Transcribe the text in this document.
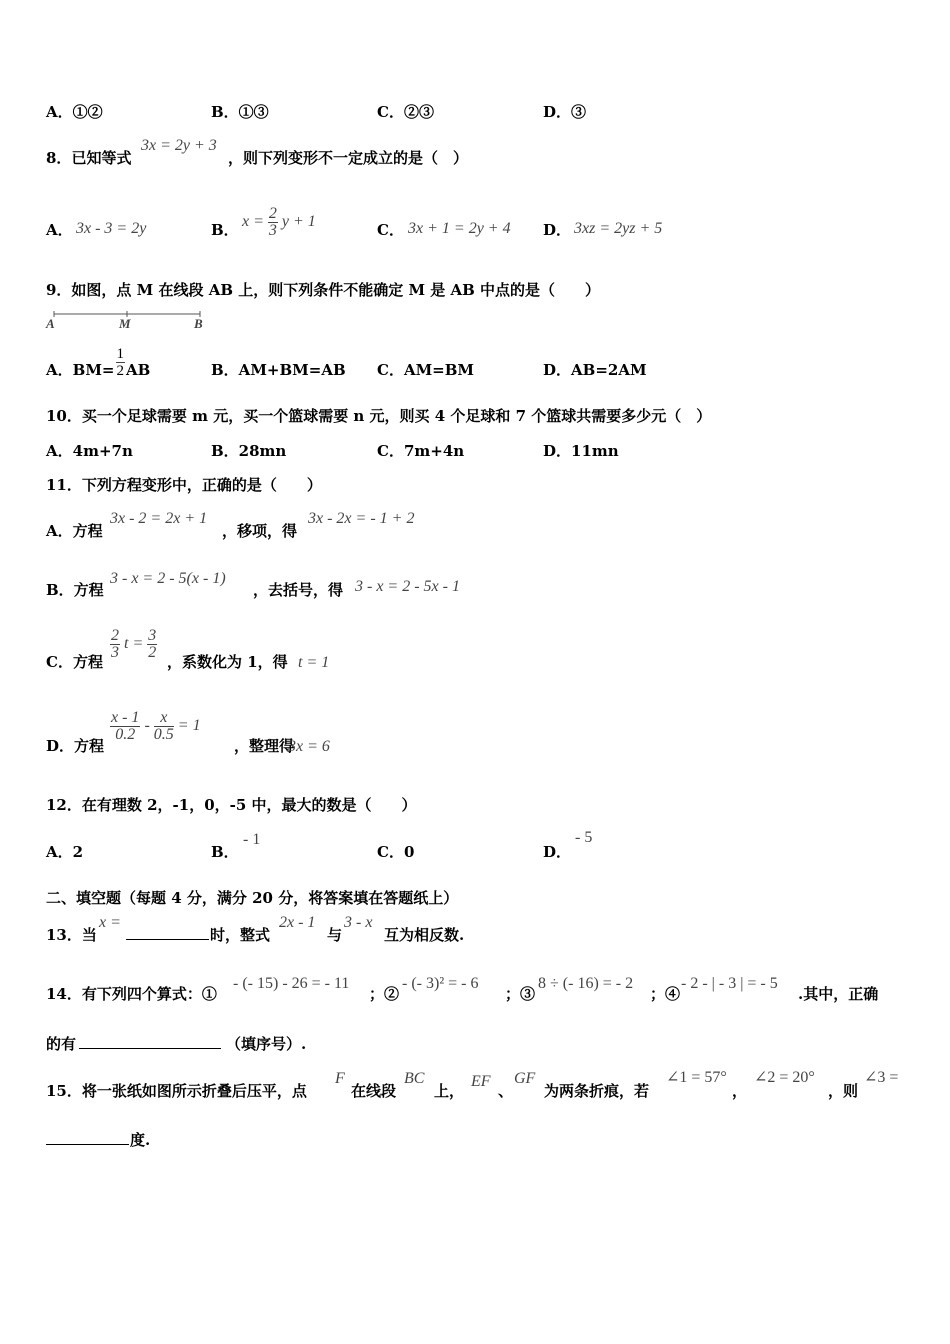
A．①②	B．①③	C．②③	D．③
8．已知等式
3x = 2y + 3
，则下列变形不一定成立的是（　）
A． 3x - 3 = 2y	B． $x = \frac{2}{3}$ y + 1	C． 3x + 1 = 2y + 4 D． 3xz = 2yz + 5
9．如图，点 M 在线段 AB 上，则下列条件不能确定 M 是 AB 中点的是（　　）
A	M	B
A．$BM= \frac{1}{2}$ AB	B．AM+BM=AB C．AM=BM	D．AB=2AM
10．买一个足球需要 m 元，买一个篮球需要 n 元，则买 4 个足球和 7 个篮球共需要多少元（　）
A．4m+7n	B．28mn	C．7m+4n	D．11mn
11．下列方程变形中，正确的是（　　）
A．方程
3x - 2 = 2x + 1
，移项，得
3x - 2x = - 1 + 2
B．方程
3 - x = 2 - 5(x - 1)
，去括号，得 3 - x = 2 - 5x - 1
C．方程
$\frac{2}{3}$ $t = \frac{3}{2}$
，系数化为 1，得 t = 1
D．方程
$\frac{x - 1}{0.2} - \frac{x}{0.5} = 1$
，整理得
3x = 6
12．在有理数 2，-1，0，-5 中，最大的数是（　　）
A．2	B．
- 1
C．0	D．
- 5
二、填空题（每题 4 分，满分 20 分，将答案填在答题纸上）
13．当
x =
时，整式
2x - 1
与
3 - x
互为相反数.
14．有下列四个算式：①
- (- 15) - 26 = - 11
；②
- (- 3)² = - 6
；③
8 ÷ (- 16) = - 2
；④
- 2 - | - 3 | = - 5
.其中，正确
的有	（填序号）.
15．将一张纸如图所示折叠后压平，点
F
在线段
BC
上，
EF
、
GF
为两条折痕，若
∠1 = 57°
，
∠2 = 20°
，则
∠3 =
度.
